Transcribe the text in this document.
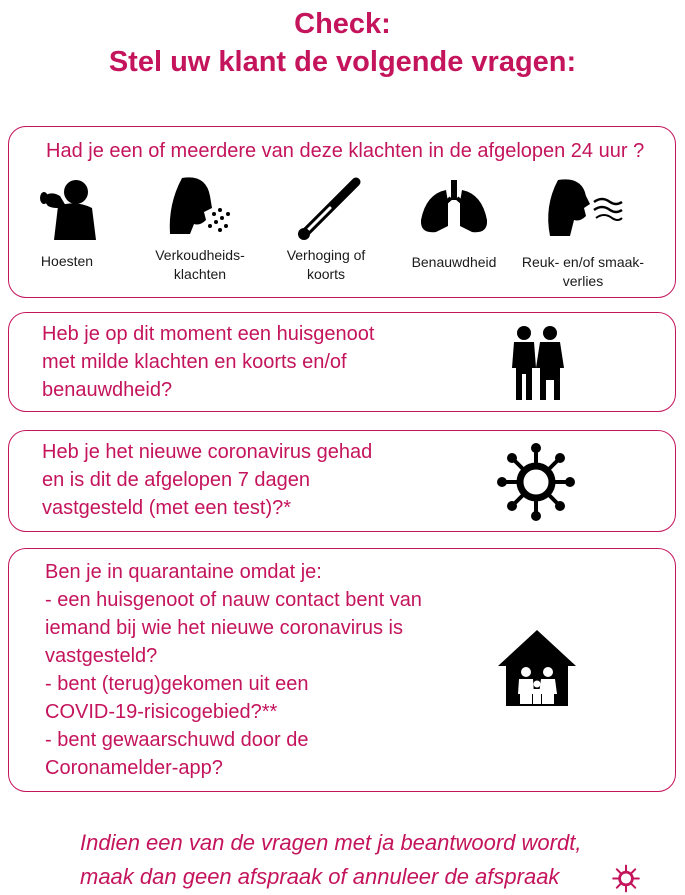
Check:
Stel uw klant de volgende vragen:
Had je een of meerdere van deze klachten in de afgelopen 24 uur ?
Hoesten	Verkoudheids-
klachten
Verhoging of
koorts
Benauwdheid	Reuk- en/of smaak-
verlies
Heb je op dit moment een huisgenoot
met milde klachten en koorts en/of
benauwdheid?
Heb je het nieuwe coronavirus gehad
en is dit de afgelopen 7 dagen
vastgesteld (met een test)?*
Ben je in quarantaine omdat je:
- een huisgenoot of nauw contact bent van
iemand bij wie het nieuwe coronavirus is
vastgesteld?
- bent (terug)gekomen uit een
COVID-19-risicogebied?**
- bent gewaarschuwd door de
Coronamelder-app?
Indien een van de vragen met ja beantwoord wordt,
maak dan geen afspraak of annuleer de afspraak
